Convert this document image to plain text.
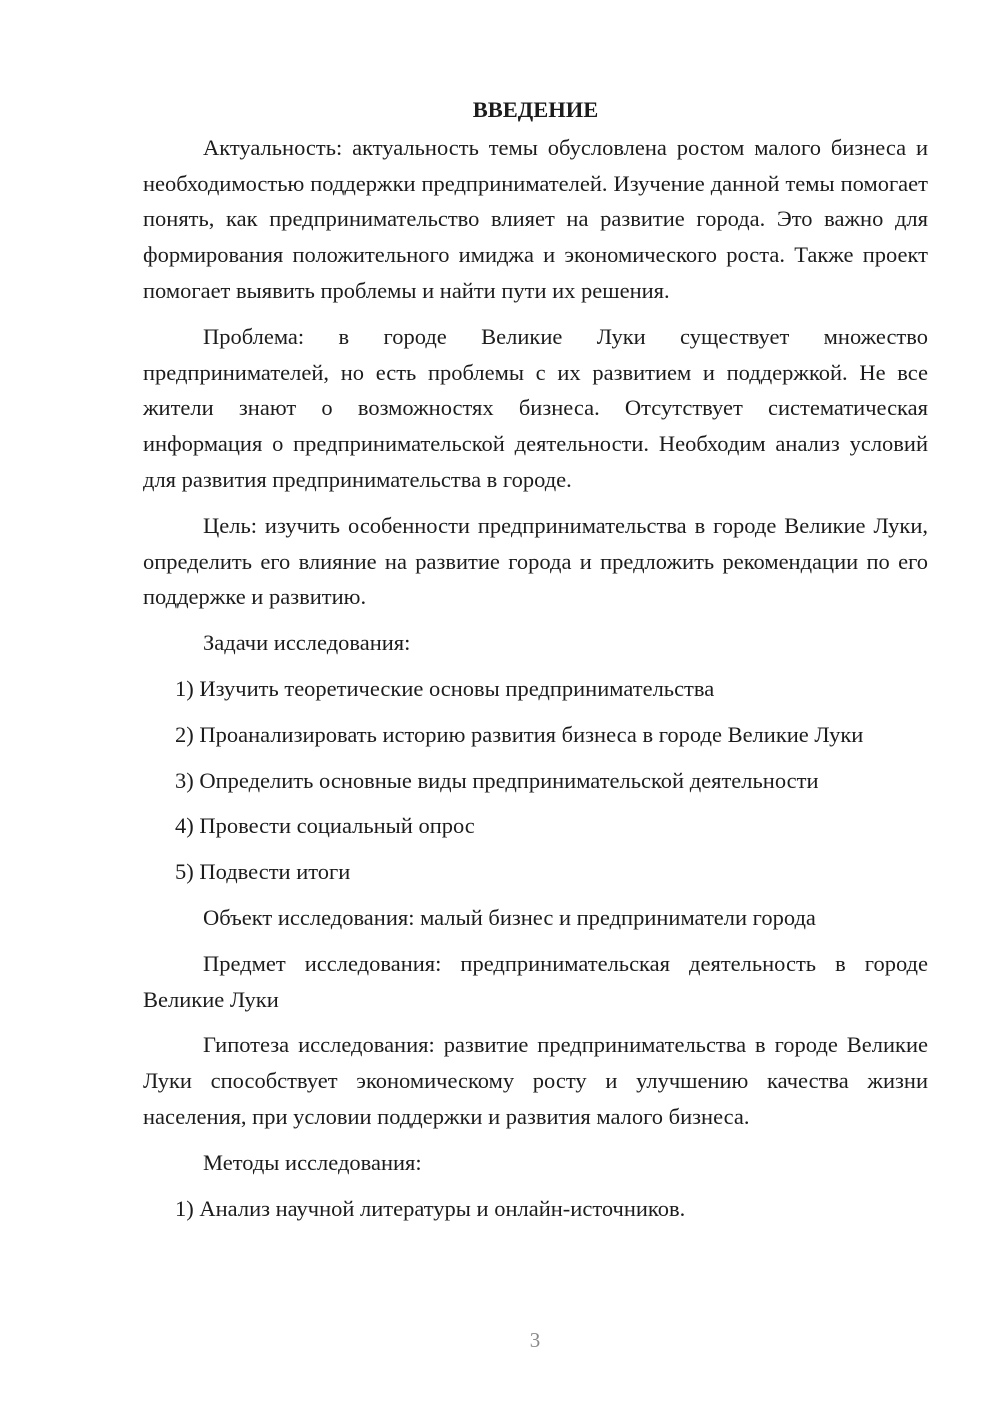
ВВЕДЕНИЕ

Актуальность: актуальность темы обусловлена ростом малого бизнеса и необходимостью поддержки предпринимателей. Изучение данной темы помогает понять, как предпринимательство влияет на развитие города. Это важно для формирования положительного имиджа и экономического роста. Также проект помогает выявить проблемы и найти пути их решения.

Проблема: в городе Великие Луки существует множество предпринимателей, но есть проблемы с их развитием и поддержкой. Не все жители знают о возможностях бизнеса. Отсутствует систематическая информация о предпринимательской деятельности. Необходим анализ условий для развития предпринимательства в городе.

Цель: изучить особенности предпринимательства в городе Великие Луки, определить его влияние на развитие города и предложить рекомендации по его поддержке и развитию.

Задачи исследования:

1) Изучить теоретические основы предпринимательства

2) Проанализировать историю развития бизнеса в городе Великие Луки

3) Определить основные виды предпринимательской деятельности

4) Провести социальный опрос

5) Подвести итоги

Объект исследования: малый бизнес и предприниматели города

Предмет исследования: предпринимательская деятельность в городе Великие Луки

Гипотеза исследования: развитие предпринимательства в городе Великие Луки способствует экономическому росту и улучшению качества жизни населения, при условии поддержки и развития малого бизнеса.

Методы исследования:

1) Анализ научной литературы и онлайн-источников.

3
